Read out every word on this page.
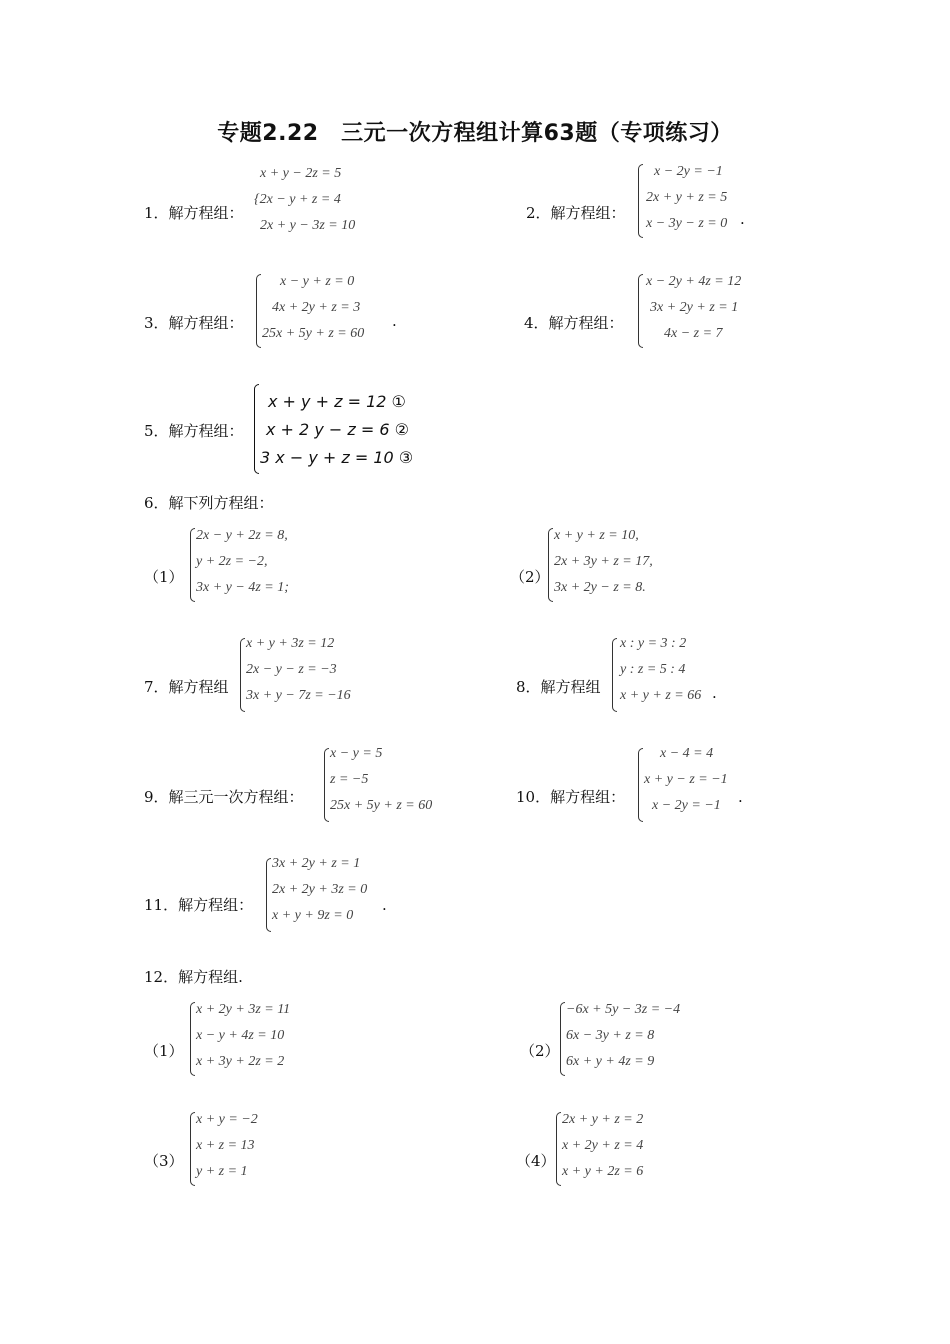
专题2.22　三元一次方程组计算63题（专项练习）
1．解方程组：
x + y − 2z = 5
{2x − y + z = 4
2x + y − 3z = 10
2．解方程组：
x − 2y = −1
2x + y + z = 5
x − 3y − z = 0 .
3．解方程组：
x − y + z = 0
4x + 2y + z = 3
25x + 5y + z = 60
.	4．解方程组：
x − 2y + 4z = 12
3x + 2y + z = 1
4x − z = 7
5．解方程组：
x + y + z = 12 ①
x + 2 y − z = 6 ②
3 x − y + z = 10 ③
6．解下列方程组：
（1）
2x − y + 2z = 8,
y + 2z = −2,
3x + y − 4z = 1;
（2）
x + y + z = 10,
2x + 3y + z = 17,
3x + 2y − z = 8.
7．解方程组
x + y + 3z = 12
2x − y − z = −3
3x + y − 7z = −16	8．解方程组
x : y = 3 : 2
y : z = 5 : 4
x + y + z = 66 .
9．解三元一次方程组：
x − y = 5
z = −5
25x + 5y + z = 60	10．解方程组：
x − 4 = 4
x + y − z = −1
x − 2y = −1 .
11．解方程组：
3x + 2y + z = 1
2x + 2y + 3z = 0
x + y + 9z = 0
.
12．解方程组.
（1）
x + 2y + 3z = 11
x − y + 4z = 10
x + 3y + 2z = 2
（2）
−6x + 5y − 3z = −4
6x − 3y + z = 8
6x + y + 4z = 9
（3）
x + y = −2
x + z = 13
y + z = 1
（4）
2x + y + z = 2
x + 2y + z = 4
x + y + 2z = 6
